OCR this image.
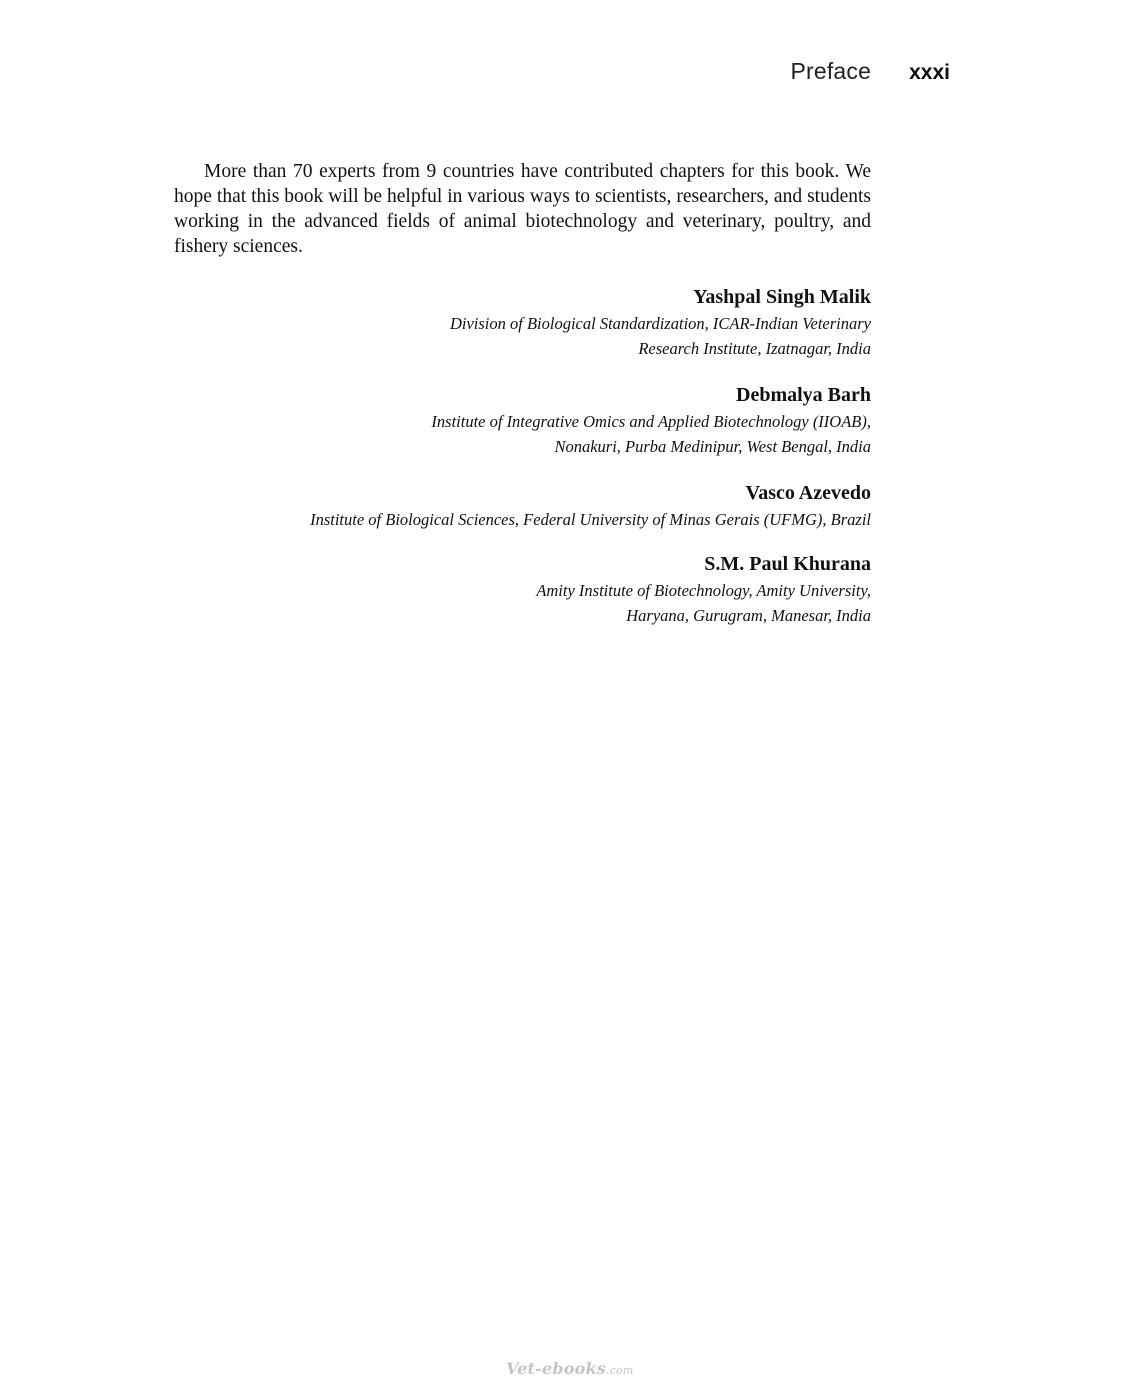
Preface xxxi

More than 70 experts from 9 countries have contributed chapters for this book. We hope that this book will be helpful in various ways to scientists, researchers, and students working in the advanced fields of animal biotechnology and veterinary, poultry, and fishery sciences.

Yashpal Singh Malik
Division of Biological Standardization, ICAR-Indian Veterinary
Research Institute, Izatnagar, India
Debmalya Barh
Institute of Integrative Omics and Applied Biotechnology (IIOAB),
Nonakuri, Purba Medinipur, West Bengal, India
Vasco Azevedo
Institute of Biological Sciences, Federal University of Minas Gerais (UFMG), Brazil
S.M. Paul Khurana
Amity Institute of Biotechnology, Amity University,
Haryana, Gurugram, Manesar, India
Vet-ebooks.com
